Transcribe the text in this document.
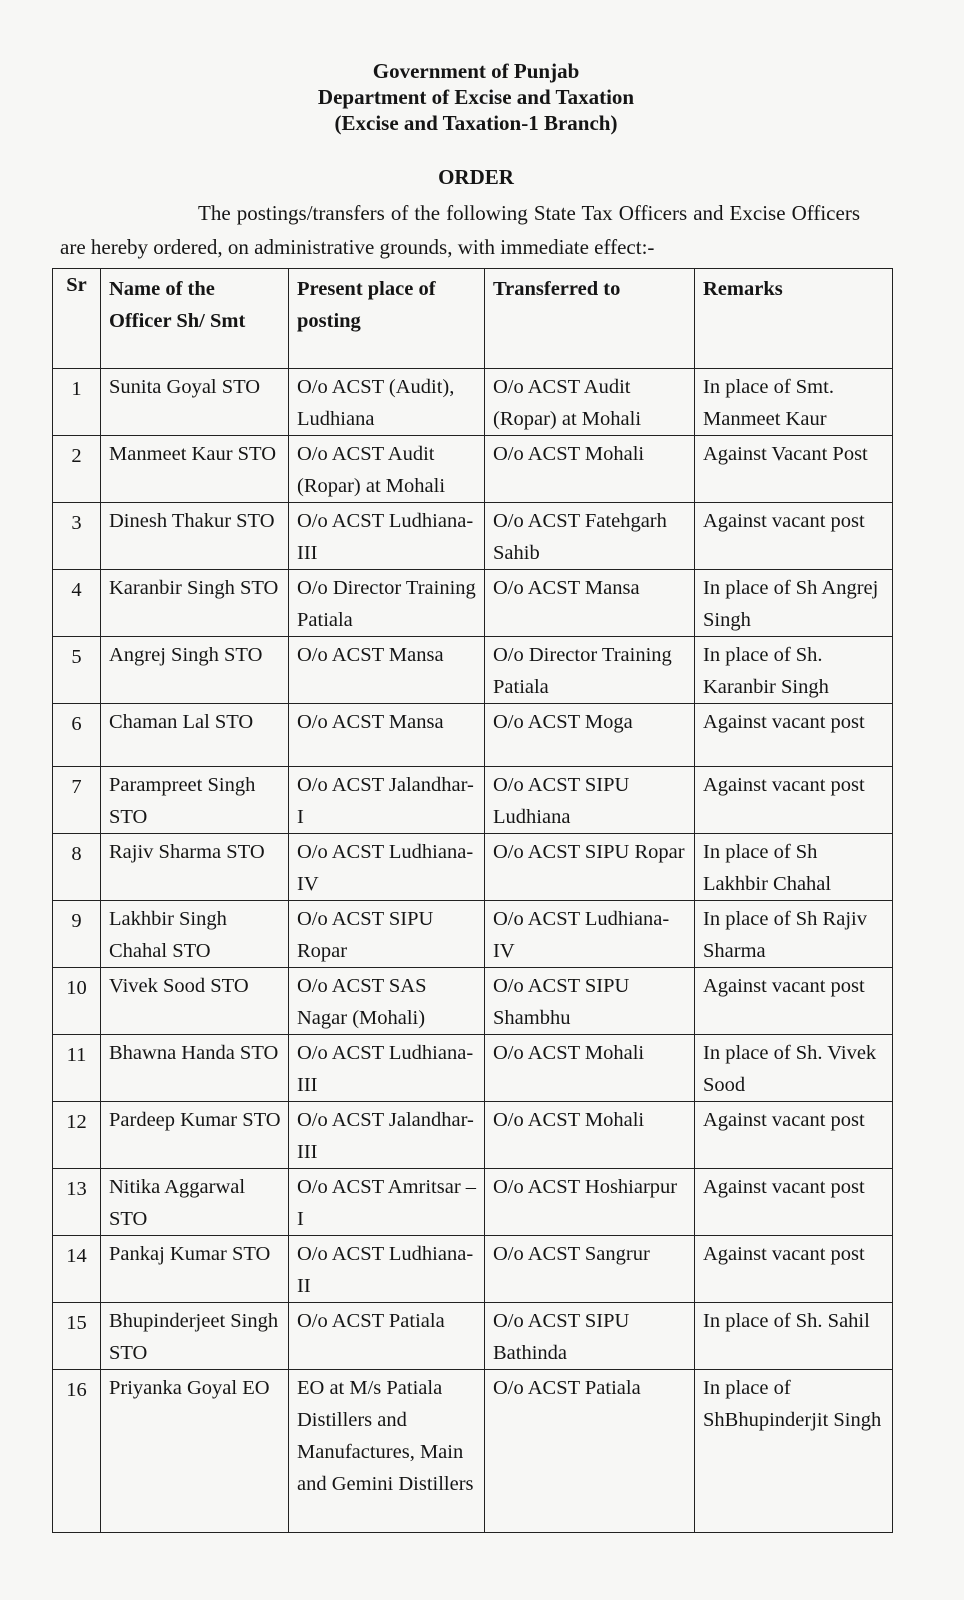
Government of Punjab
Department of Excise and Taxation
(Excise and Taxation-1 Branch)
ORDER
The postings/transfers of the following State Tax Officers and Excise Officers are hereby ordered, on administrative grounds, with immediate effect:-
Sr	Name of the Officer Sh/ Smt	Present place of posting	Transferred to	Remarks
1	Sunita Goyal STO	O/o ACST (Audit), Ludhiana	O/o ACST Audit (Ropar) at Mohali	In place of Smt. Manmeet Kaur
2	Manmeet Kaur STO	O/o ACST Audit (Ropar) at Mohali	O/o ACST Mohali	Against Vacant Post
3	Dinesh Thakur STO	O/o ACST Ludhiana-III	O/o ACST Fatehgarh Sahib	Against vacant post
4	Karanbir Singh STO	O/o Director Training Patiala	O/o ACST Mansa	In place of Sh Angrej Singh
5	Angrej Singh STO	O/o ACST Mansa	O/o Director Training Patiala	In place of Sh. Karanbir Singh
6	Chaman Lal STO	O/o ACST Mansa	O/o ACST Moga	Against vacant post
7	Parampreet Singh STO	O/o ACST Jalandhar-I	O/o ACST SIPU Ludhiana	Against vacant post
8	Rajiv Sharma STO	O/o ACST Ludhiana-IV	O/o ACST SIPU Ropar	In place of Sh Lakhbir Chahal
9	Lakhbir Singh Chahal STO	O/o ACST SIPU Ropar	O/o ACST Ludhiana-IV	In place of Sh Rajiv Sharma
10	Vivek Sood STO	O/o ACST SAS Nagar (Mohali)	O/o ACST SIPU Shambhu	Against vacant post
11	Bhawna Handa STO	O/o ACST Ludhiana-III	O/o ACST Mohali	In place of Sh. Vivek Sood
12	Pardeep Kumar STO	O/o ACST Jalandhar-III	O/o ACST Mohali	Against vacant post
13	Nitika Aggarwal STO	O/o ACST Amritsar –I	O/o ACST Hoshiarpur	Against vacant post
14	Pankaj Kumar STO	O/o ACST Ludhiana-II	O/o ACST Sangrur	Against vacant post
15	Bhupinderjeet Singh STO	O/o ACST Patiala	O/o ACST SIPU Bathinda	In place of Sh. Sahil
16	Priyanka Goyal EO	EO at M/s Patiala Distillers and Manufactures, Main and Gemini Distillers	O/o ACST Patiala	In place of ShBhupinderjit Singh
